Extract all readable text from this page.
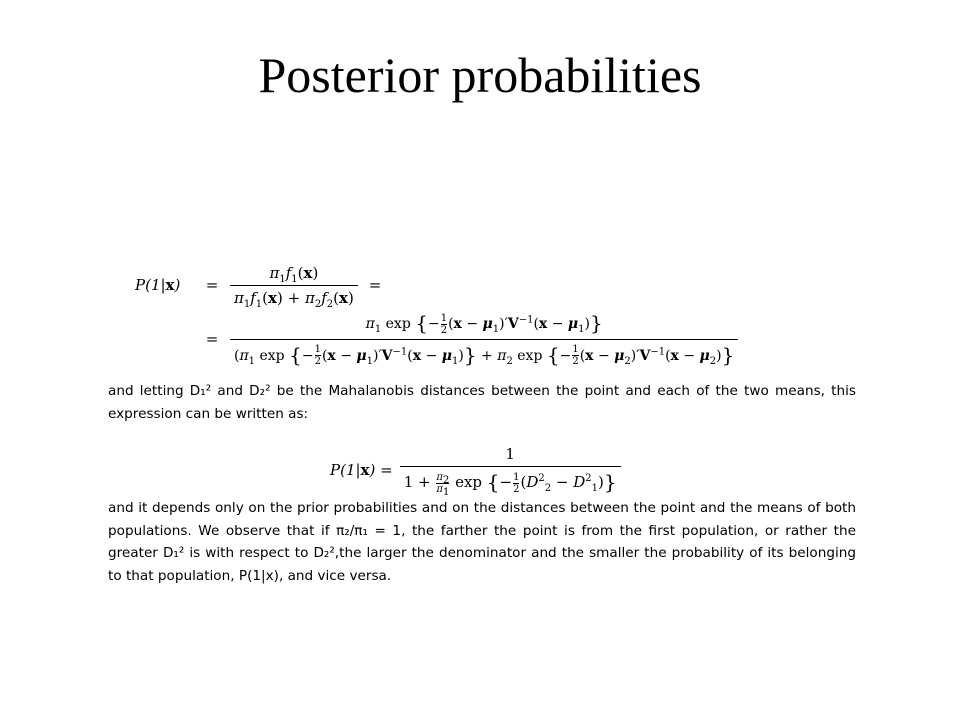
Posterior probabilities
P(1|x)	= $\frac{\pi_1f_1(x)}{\pi_1f_1(x) + \pi_2f_2(x)}$ =
=
$\pi_1$ exp {− $\frac{1}{2} (x - \mu_1)'V^{-1}(x - \mu_1)$}
($\pi_1$ exp {− $\frac{1}{2} (x - \mu_1)'V^{-1}(x - \mu_1)\} + \pi_2$ exp {− $\frac{1}{2} (x - \mu_2)'V^{-1}(x - \mu_2)$}
and letting D₁² and D₂² be the Mahalanobis distances between the point and each of the two means, this expression can be written as:
$P(1|x) = \frac{1}{1 + \frac{\pi_2}{\pi_1} \exp \{- \frac{1}{2} (D^2_2 - D^2_1)\}}$
and it depends only on the prior probabilities and on the distances between the point and the means of both populations. We observe that if π₂/π₁ = 1, the farther the point is from the first population, or rather the greater D₁² is with respect to D₂²,the larger the denominator and the smaller the probability of its belonging to that population, P(1|x), and vice versa.
